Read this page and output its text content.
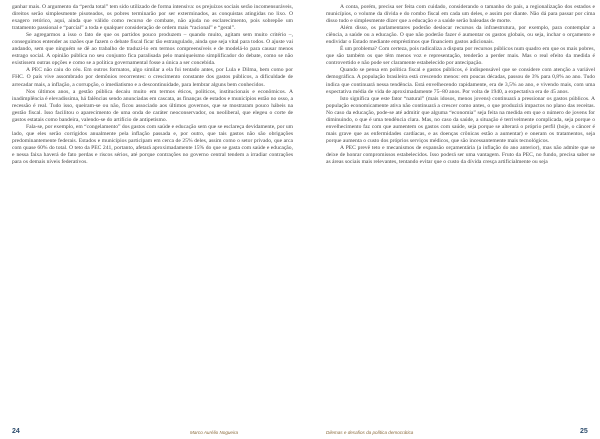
ganhar mais. O argumento da “perda total” tem sido utilizado de forma intensiva: os prejuízos sociais serão incomensuráveis, direitos serão simplesmente pisoteados, os pobres terminarão por ser exterminados, as conquistas atingidas no lixo. O exagero retórico, aqui, ainda que válido como recurso de combate, não ajuda no esclarecimento, pois sobrepõe um tratamento passional e “parcial” a toda e qualquer consideração de ordem mais “racional” e “geral”.

Se agregarmos a isso o fato de que os partidos pouco produzem – quando muito, agitam sem muito critério –, conseguimos entender as razões que fazem o debate fiscal ficar tão estrangulado, ainda que seja vital para todos. O ajuste vai andando, sem que ninguém se dê ao trabalho de traduzi-lo em termos compreensíveis e de modelá-lo para causar menos estrago social. A opinião pública no seu conjunto fica paralisada pelo maniqueísmo simplificador do debate, como se não existissem outras opções e como se a política governamental fosse a única a ser concebida.

A PEC não caiu do céu. Em outros formatos, algo similar a ela foi tentado antes, por Lula e Dilma, bem como por FHC. O país vive assombrado por demônios recorrentes: o crescimento constante dos gastos públicos, a dificuldade de arrecadar mais, a inflação, a corrupção, o imediatismo e a descontinuidade, para lembrar alguns bem conhecidos.

Nos últimos anos, a gestão pública decaiu muito em termos éticos, políticos, institucionais e econômicos. A inadimplência é elevadíssima, há falências sendo anunciadas em cascata, as finanças de estados e municípios estão no osso, a recessão é real. Tudo isso, queiram-se ou não, ficou associado aos últimos governos, que se mostraram pouco hábeis na gestão fiscal. Isso facilitou o aparecimento de uma onda de caráter neoconservador, ou neoliberal, que elegeu o corte de gastos estatais como bandeira, valendo-se do artifício de antipetismo.

Fala-se, por exemplo, em “congelamento” dos gastos com saúde e educação sem que se esclareça devidamente, por um lado, que eles serão corrigidos anualmente pela inflação passada e, por outro, que tais gastos não são obrigações predominantemente federais. Estados e municípios participam em cerca de 25% deles, assim como o setor privado, que arca com quase 60% do total. O teto da PEC 241, portanto, afetará aproximadamente 15% do que se gasta com saúde e educação, e nessa faixa haverá de fato perdas e riscos sérios, até porque contrações no governo central tendem a irradiar contrações para os demais níveis federativos.

24	Marco Aurélio Nogueira

A conta, porém, precisa ser feita com cuidado, considerando o tamanho do país, a regionalização dos estados e municípios, o volume da dívida e do rombo fiscal em cada um deles, e assim por diante. Não dá para passar por cima disso tudo e simplesmente dizer que a educação e a saúde serão baleadas de morte.

Além disso, os parlamentares poderão deslocar recursos da infraestrutura, por exemplo, para contemplar a ciência, a saúde ou a educação. O que não poderão fazer é aumentar os gastos globais, ou seja, inchar o orçamento e endividar o Estado mediante empréstimos que financiem gastos adicionais.

É um problema? Com certeza, pois radicaliza a disputa por recursos públicos num quadro em que os mais pobres, que são também os que têm menos voz e representação, tenderão a perder mais. Mas o real efeito da medida é controvertido e não pode ser claramente estabelecido por antecipação.

Quando se pensa em política fiscal e gastos públicos, é indispensável que se considere com atenção a variável demográfica. A população brasileira está crescendo menos: em poucas décadas, passou de 3% para 0,8% ao ano. Tudo indica que continuará nessa tendência. Está envelhecendo rapidamente, era de 3,5% ao ano, e vivendo mais, com uma expectativa média de vida de aproximadamente 75–80 anos. Por volta de 1940, a expectativa era de 45 anos.

Isto significa que este fator “natural” (mais idosos, menos jovens) continuará a pressionar os gastos públicos. A população economicamente ativa não continuará a crescer como antes, o que produzirá impactos no plano das receitas. No caso da educação, pode-se até admitir que alguma “economia” seja feita na medida em que o número de jovens for diminuindo, o que é uma tendência clara. Mas, no caso da saúde, a situação é terrivelmente complicada, seja porque o envelhecimento faz com que aumentem os gastos com saúde, seja porque se alterará o próprio perfil (hoje, o câncer é mais grave que as enfermidades cardíacas, e as doenças crônicas estão a aumentar) e oneram os tratamentos, seja porque aumenta o custo dos próprios serviços médicos, que são incessantemente mais tecnológicos.

A PEC prevê teto e mecanismos de expansão orçamentária (a inflação do ano anterior), mas não admite que se deixe de honrar compromissos estabelecidos. Isso poderá ser uma vantagem. Fruto da PEC, no fundo, precisa saber se as áreas sociais mais relevantes, tentando evitar que o custo da dívida cresça artificialmente ou seja

Dilemas e desafios da política democrática	25
